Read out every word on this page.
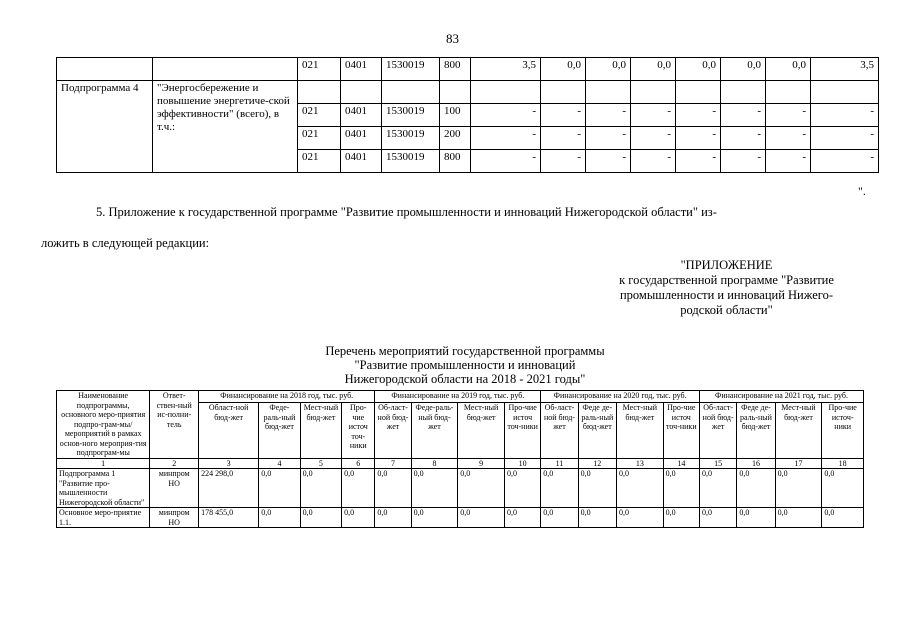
83
		021	0401	1530019	800	3,5	0,0	0,0	0,0	0,0	0,0	0,0	3,5
Подпрограмма 4	"Энергосбережение и повышение энергетиче-ской эффективности" (всего), в т.ч.:												
		021	0401	1530019	100	-	-	-	-	-	-	-	-
		021	0401	1530019	200	-	-	-	-	-	-	-	-
		021	0401	1530019	800	-	-	-	-	-	-	-	-
".
5. Приложение к государственной программе "Развитие промышленности и инноваций Нижегородской области" из-
ложить в следующей редакции:
"ПРИЛОЖЕНИЕ
к государственной программе "Развитие
промышленности и инноваций Нижего-
родской области"
Перечень мероприятий государственной программы
"Развитие промышленности и инноваций
Нижегородской области на 2018 - 2021 годы"
Наименование подпрограммы, основного меро-приятия подпро-грам-мы/мероприятий в рамках основ-ного мероприя-тия подпрограм-мы	Ответ-ствен-ный ис-полни-тель	Финансирование на 2018 год, тыс. руб.				Финансирование на 2019 год, тыс. руб.				Финансирование на 2020 год, тыс. руб.				Финансирование на 2021 год, тыс. руб.			
		Област-ной бюд-жет	Феде-раль-ный бюд-жет	Мест-ный бюд-жет	Про-чие источ точ-ники	Об-ласт-ной бюд-жет	Феде-раль-ный бюд-жет	Мест-ный бюд-жет	Про-чие источ точ-ники	Об-ласт-ной бюд-жет	Феде де-раль-ный бюд-жет	Мест-ный бюд-жет	Про-чие источ точ-ники	Об-ласт-ной бюд-жет	Феде де-раль-ный бюд-жет	Мест-ный бюд-жет	Про-чие источ-ники
1	2	3	4	5	6	7	8	9	10	11	12	13	14	15	16	17	18
Подпрограмма 1 "Развитие про-мышленности Нижегородской области"	минпром НО	224 298,0	0,0	0,0	0,0	0,0	0,0	0,0	0,0	0,0	0,0	0,0	0,0	0,0	0,0	0,0	0,0
Основное меро-приятие 1.1.	минпром НО	178 455,0	0,0	0,0	0,0	0,0	0,0	0,0	0,0	0,0	0,0	0,0	0,0	0,0	0,0	0,0	0,0
